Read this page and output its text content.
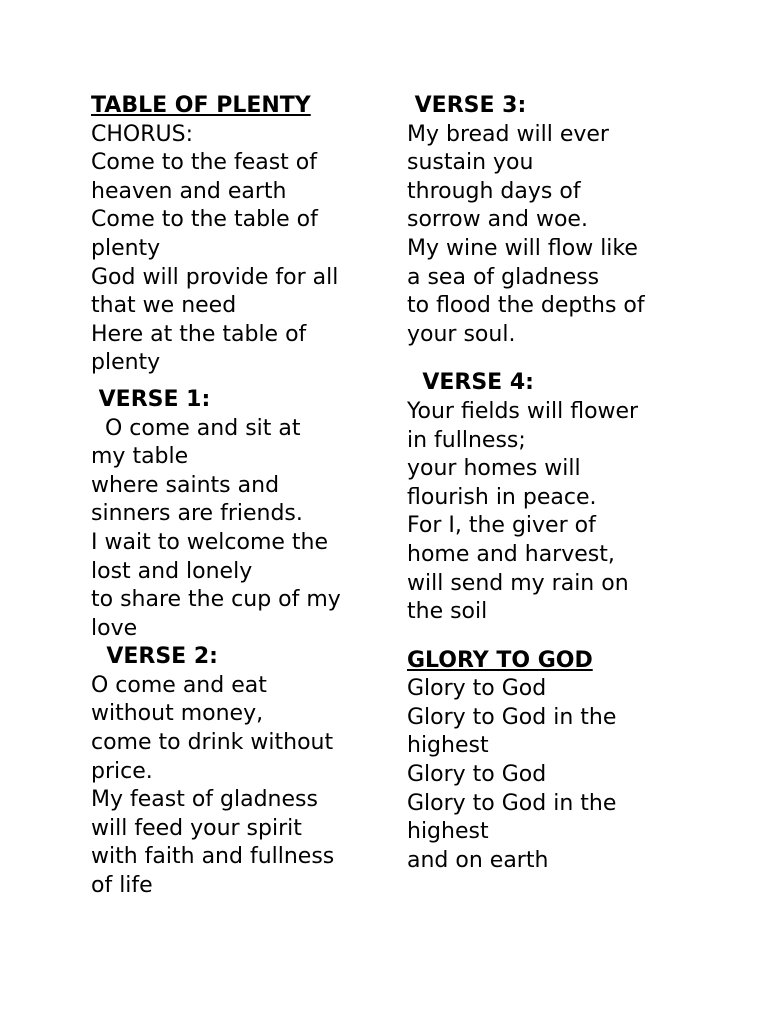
TABLE OF PLENTY
CHORUS:
Come to the feast of
heaven and earth
Come to the table of
plenty
God will provide for all
that we need
Here at the table of
plenty
VERSE 1:
O come and sit at
my table
where saints and
sinners are friends.
I wait to welcome the
lost and lonely
to share the cup of my
love
VERSE 2:
O come and eat
without money,
come to drink without
price.
My feast of gladness
will feed your spirit
with faith and fullness
of life
VERSE 3:
My bread will ever
sustain you
through days of
sorrow and woe.
My wine will flow like
a sea of gladness
to flood the depths of
your soul.
VERSE 4:
Your fields will flower
in fullness;
your homes will
flourish in peace.
For I, the giver of
home and harvest,
will send my rain on
the soil
GLORY TO GOD
Glory to God
Glory to God in the
highest
Glory to God
Glory to God in the
highest
and on earth
